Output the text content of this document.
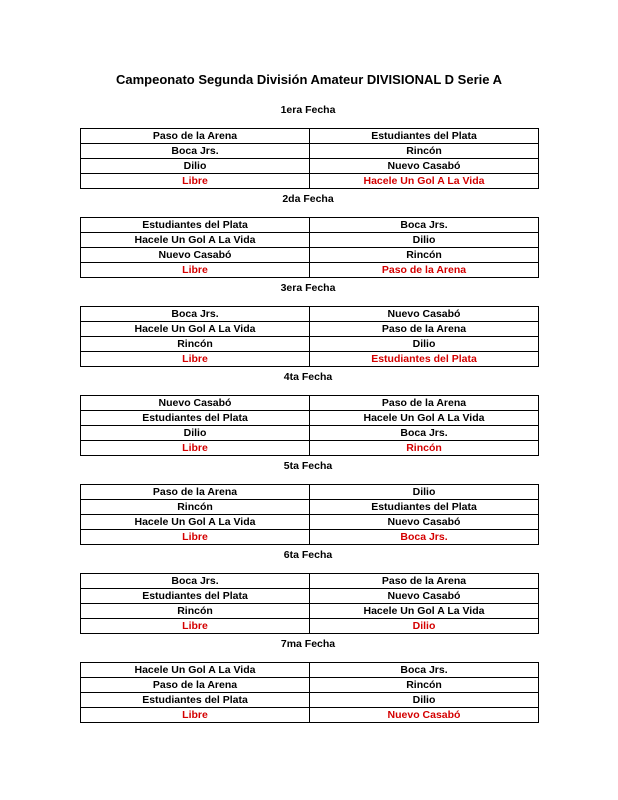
Campeonato Segunda División Amateur DIVISIONAL D Serie A
1era Fecha
Paso de la Arena	Estudiantes del Plata
Boca Jrs.	Rincón
Dilio	Nuevo Casabó
Libre	Hacele Un Gol A La Vida
2da Fecha
Estudiantes del Plata	Boca Jrs.
Hacele Un Gol A La Vida	Dilio
Nuevo Casabó	Rincón
Libre	Paso de la Arena
3era Fecha
Boca Jrs.	Nuevo Casabó
Hacele Un Gol A La Vida	Paso de la Arena
Rincón	Dilio
Libre	Estudiantes del Plata
4ta Fecha
Nuevo Casabó	Paso de la Arena
Estudiantes del Plata	Hacele Un Gol A La Vida
Dilio	Boca Jrs.
Libre	Rincón
5ta Fecha
Paso de la Arena	Dilio
Rincón	Estudiantes del Plata
Hacele Un Gol A La Vida	Nuevo Casabó
Libre	Boca Jrs.
6ta Fecha
Boca Jrs.	Paso de la Arena
Estudiantes del Plata	Nuevo Casabó
Rincón	Hacele Un Gol A La Vida
Libre	Dilio
7ma Fecha
Hacele Un Gol A La Vida	Boca Jrs.
Paso de la Arena	Rincón
Estudiantes del Plata	Dilio
Libre	Nuevo Casabó
